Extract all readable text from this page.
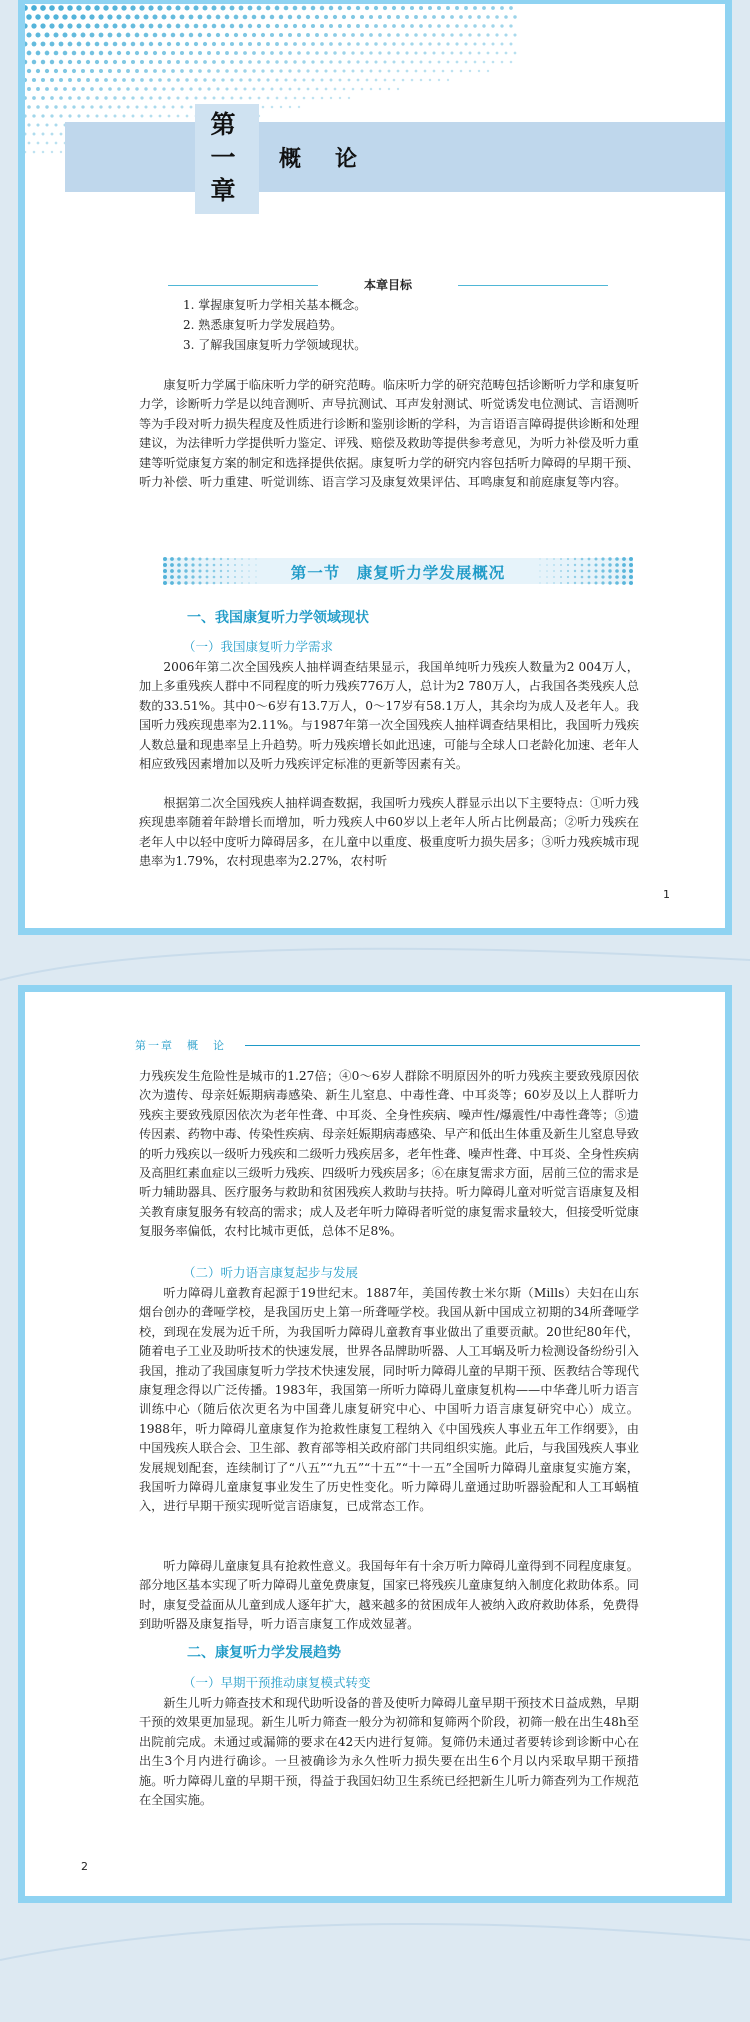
第
一
章
概论
本章目标
1. 掌握康复听力学相关基本概念。
2. 熟悉康复听力学发展趋势。
3. 了解我国康复听力学领域现状。
康复听力学属于临床听力学的研究范畴。临床听力学的研究范畴包括诊断听力学和康复听力学，诊断听力学是以纯音测听、声导抗测试、耳声发射测试、听觉诱发电位测试、言语测听等为手段对听力损失程度及性质进行诊断和鉴别诊断的学科，为言语语言障碍提供诊断和处理建议，为法律听力学提供听力鉴定、评残、赔偿及救助等提供参考意见，为听力补偿及听力重建等听觉康复方案的制定和选择提供依据。康复听力学的研究内容包括听力障碍的早期干预、听力补偿、听力重建、听觉训练、语言学习及康复效果评估、耳鸣康复和前庭康复等内容。
第一节　康复听力学发展概况
一、我国康复听力学领域现状
（一）我国康复听力学需求
2006年第二次全国残疾人抽样调查结果显示，我国单纯听力残疾人数量为2 004万人，加上多重残疾人群中不同程度的听力残疾776万人，总计为2 780万人，占我国各类残疾人总数的33.51%。其中0～6岁有13.7万人，0～17岁有58.1万人，其余均为成人及老年人。我国听力残疾现患率为2.11%。与1987年第一次全国残疾人抽样调查结果相比，我国听力残疾人数总量和现患率呈上升趋势。听力残疾增长如此迅速，可能与全球人口老龄化加速、老年人相应致残因素增加以及听力残疾评定标准的更新等因素有关。
根据第二次全国残疾人抽样调查数据，我国听力残疾人群显示出以下主要特点：①听力残疾现患率随着年龄增长而增加，听力残疾人中60岁以上老年人所占比例最高；②听力残疾在老年人中以轻中度听力障碍居多，在儿童中以重度、极重度听力损失居多；③听力残疾城市现患率为1.79%，农村现患率为2.27%，农村听
1
第一章　概　论
力残疾发生危险性是城市的1.27倍；④0～6岁人群除不明原因外的听力残疾主要致残原因依次为遗传、母亲妊娠期病毒感染、新生儿窒息、中毒性聋、中耳炎等；60岁及以上人群听力残疾主要致残原因依次为老年性聋、中耳炎、全身性疾病、噪声性/爆震性/中毒性聋等；⑤遗传因素、药物中毒、传染性疾病、母亲妊娠期病毒感染、早产和低出生体重及新生儿窒息导致的听力残疾以一级听力残疾和二级听力残疾居多，老年性聋、噪声性聋、中耳炎、全身性疾病及高胆红素血症以三级听力残疾、四级听力残疾居多；⑥在康复需求方面，居前三位的需求是听力辅助器具、医疗服务与救助和贫困残疾人救助与扶持。听力障碍儿童对听觉言语康复及相关教育康复服务有较高的需求；成人及老年听力障碍者听觉的康复需求量较大，但接受听觉康复服务率偏低，农村比城市更低，总体不足8%。
（二）听力语言康复起步与发展
听力障碍儿童教育起源于19世纪末。1887年，美国传教士米尔斯（Mills）夫妇在山东烟台创办的聋哑学校，是我国历史上第一所聋哑学校。我国从新中国成立初期的34所聋哑学校，到现在发展为近千所，为我国听力障碍儿童教育事业做出了重要贡献。20世纪80年代，随着电子工业及助听技术的快速发展，世界各品牌助听器、人工耳蜗及听力检测设备纷纷引入我国，推动了我国康复听力学技术快速发展，同时听力障碍儿童的早期干预、医教结合等现代康复理念得以广泛传播。1983年，我国第一所听力障碍儿童康复机构——中华聋儿听力语言训练中心（随后依次更名为中国聋儿康复研究中心、中国听力语言康复研究中心）成立。1988年，听力障碍儿童康复作为抢救性康复工程纳入《中国残疾人事业五年工作纲要》，由中国残疾人联合会、卫生部、教育部等相关政府部门共同组织实施。此后，与我国残疾人事业发展规划配套，连续制订了“八五”“九五”“十五”“十一五”全国听力障碍儿童康复实施方案，我国听力障碍儿童康复事业发生了历史性变化。听力障碍儿童通过助听器验配和人工耳蜗植入，进行早期干预实现听觉言语康复，已成常态工作。
听力障碍儿童康复具有抢救性意义。我国每年有十余万听力障碍儿童得到不同程度康复。部分地区基本实现了听力障碍儿童免费康复，国家已将残疾儿童康复纳入制度化救助体系。同时，康复受益面从儿童到成人逐年扩大，越来越多的贫困成年人被纳入政府救助体系，免费得到助听器及康复指导，听力语言康复工作成效显著。
二、康复听力学发展趋势
（一）早期干预推动康复模式转变
新生儿听力筛查技术和现代助听设备的普及使听力障碍儿童早期干预技术日益成熟，早期干预的效果更加显现。新生儿听力筛查一般分为初筛和复筛两个阶段，初筛一般在出生48h至出院前完成。未通过或漏筛的要求在42天内进行复筛。复筛仍未通过者要转诊到诊断中心在出生3个月内进行确诊。一旦被确诊为永久性听力损失要在出生6个月以内采取早期干预措施。听力障碍儿童的早期干预，得益于我国妇幼卫生系统已经把新生儿听力筛查列为工作规范在全国实施。
2
